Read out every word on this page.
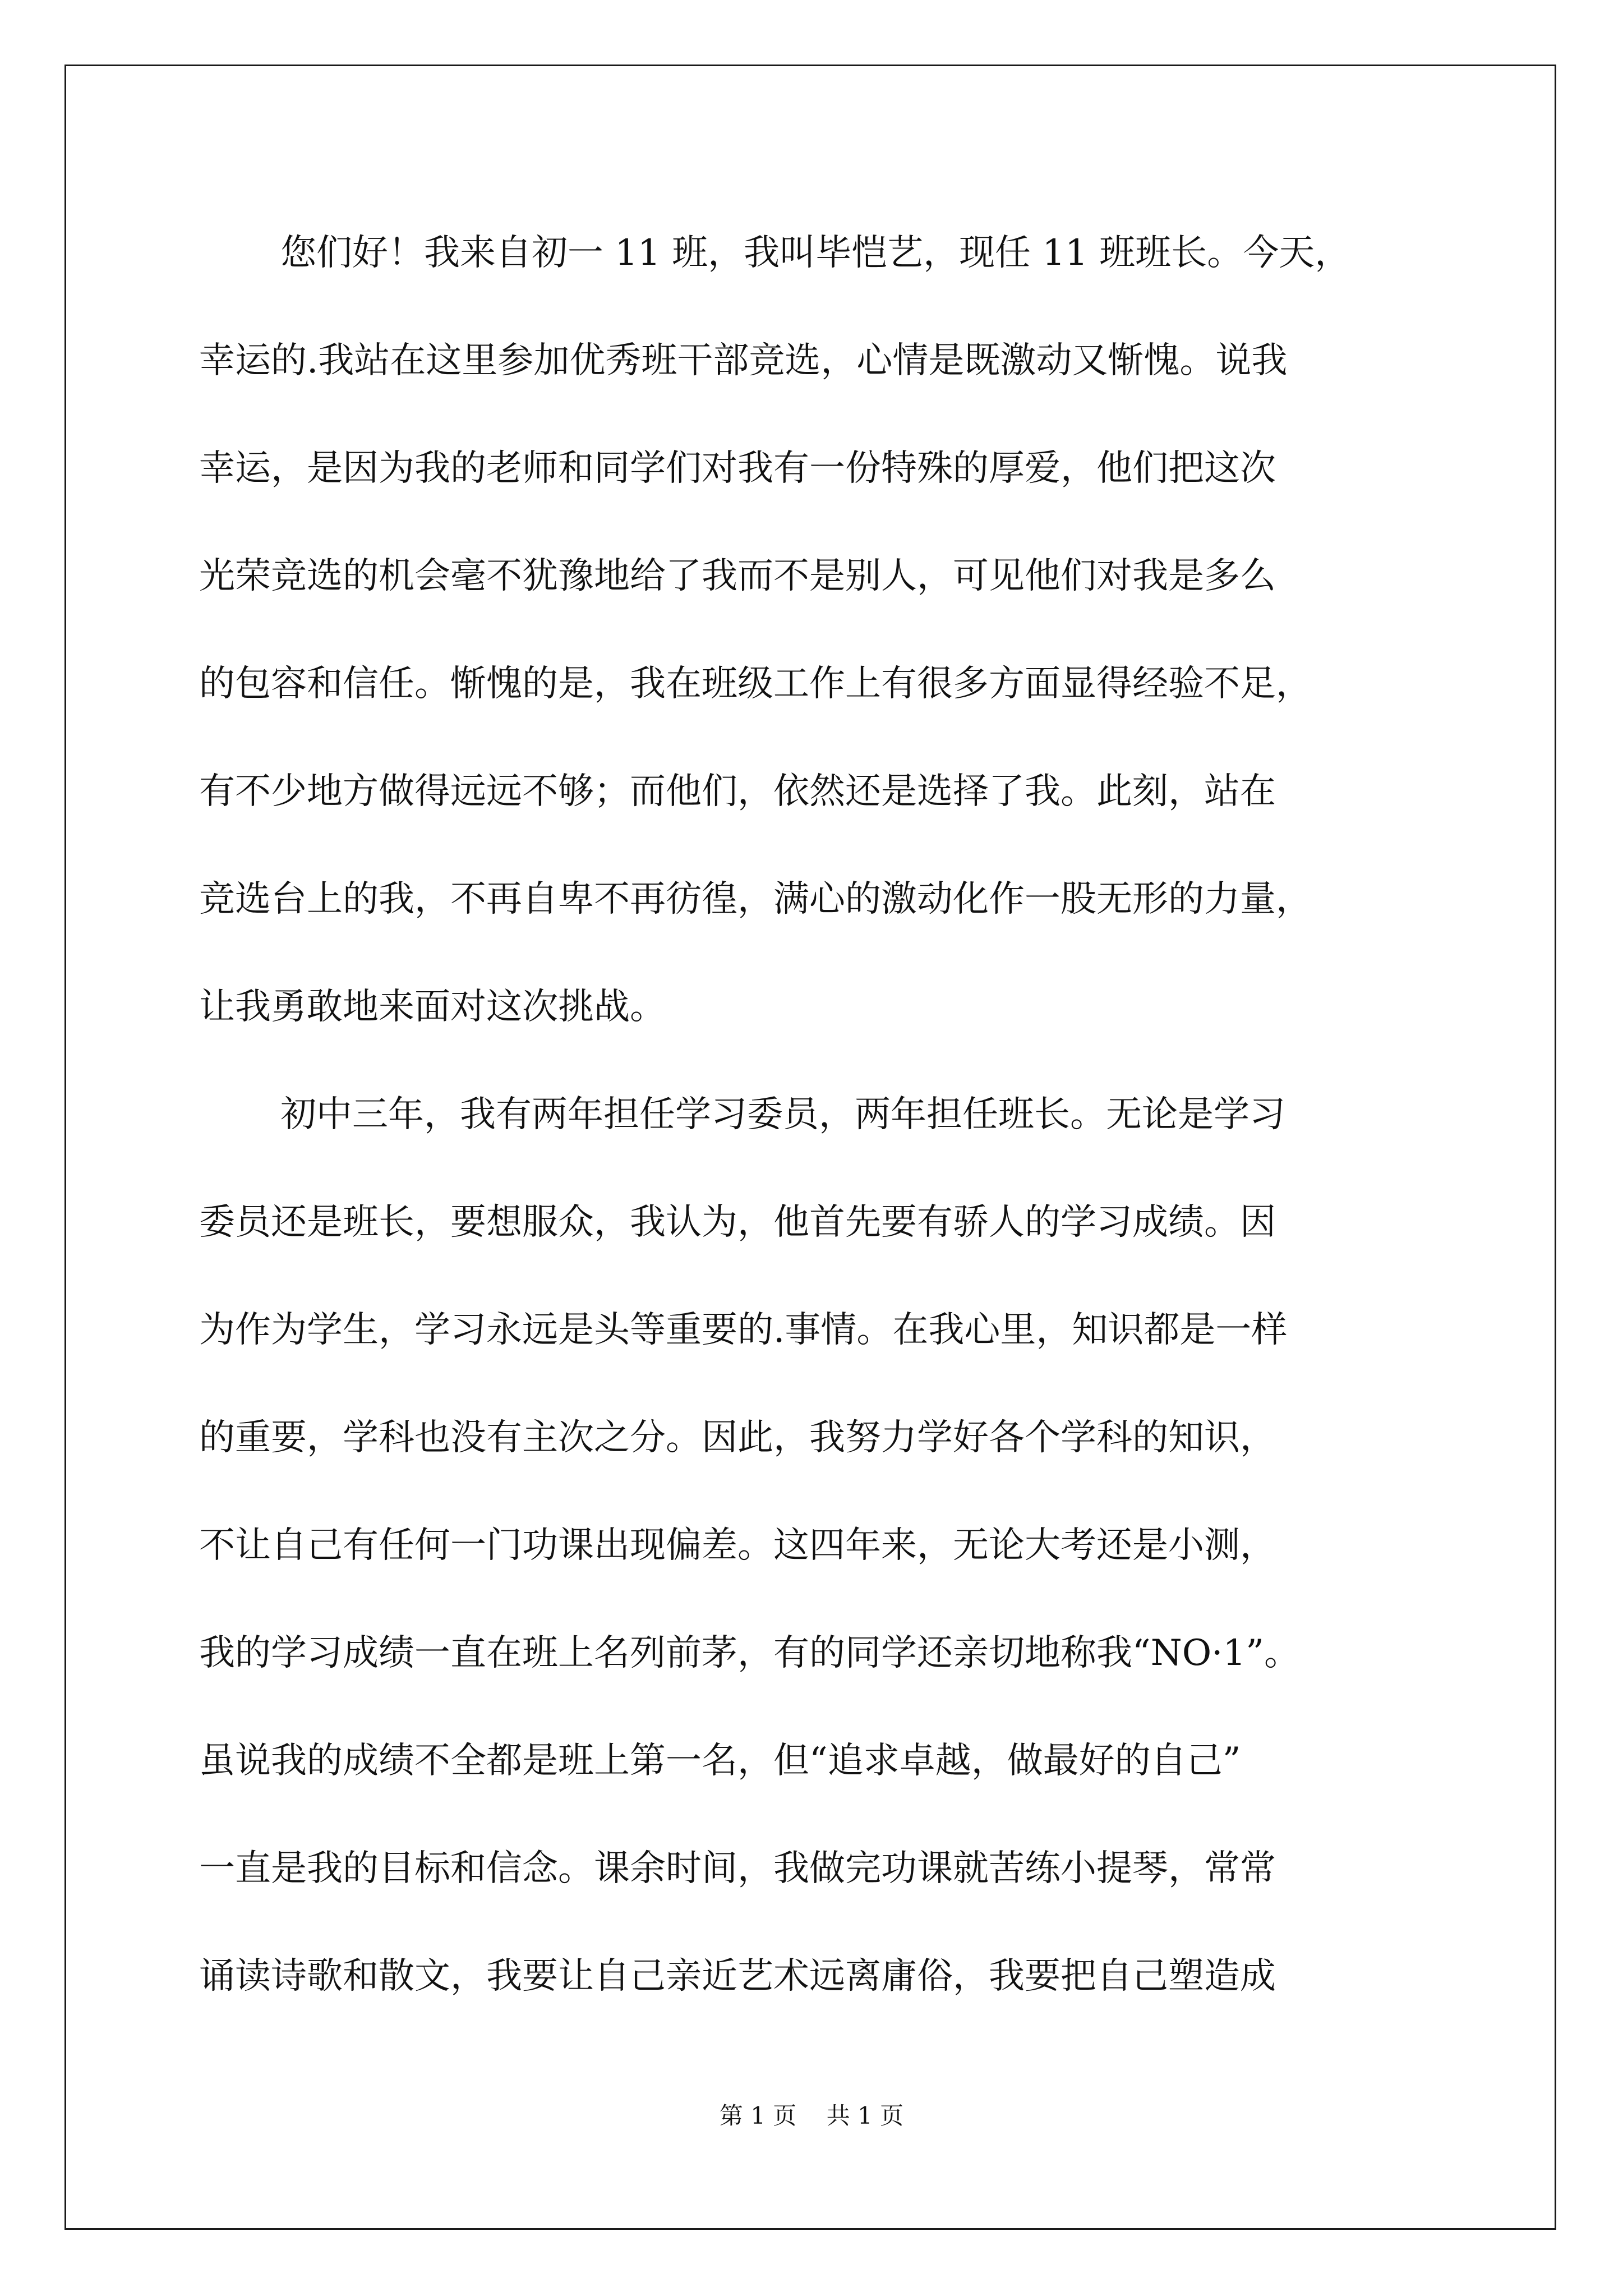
您们好！我来自初一 11 班，我叫毕恺艺，现任 11 班班长。今天，
幸运的.我站在这里参加优秀班干部竞选，心情是既激动又惭愧。说我
幸运，是因为我的老师和同学们对我有一份特殊的厚爱，他们把这次
光荣竞选的机会毫不犹豫地给了我而不是别人，可见他们对我是多么
的包容和信任。惭愧的是，我在班级工作上有很多方面显得经验不足，
有不少地方做得远远不够；而他们，依然还是选择了我。此刻，站在
竞选台上的我，不再自卑不再彷徨，满心的激动化作一股无形的力量，
让我勇敢地来面对这次挑战。
初中三年，我有两年担任学习委员，两年担任班长。无论是学习
委员还是班长，要想服众，我认为，他首先要有骄人的学习成绩。因
为作为学生，学习永远是头等重要的.事情。在我心里，知识都是一样
的重要，学科也没有主次之分。因此，我努力学好各个学科的知识，
不让自己有任何一门功课出现偏差。这四年来，无论大考还是小测，
我的学习成绩一直在班上名列前茅，有的同学还亲切地称我“NO·1”。
虽说我的成绩不全都是班上第一名，但“追求卓越，做最好的自己”
一直是我的目标和信念。课余时间，我做完功课就苦练小提琴，常常
诵读诗歌和散文，我要让自己亲近艺术远离庸俗，我要把自己塑造成
第 1 页    共 1 页
